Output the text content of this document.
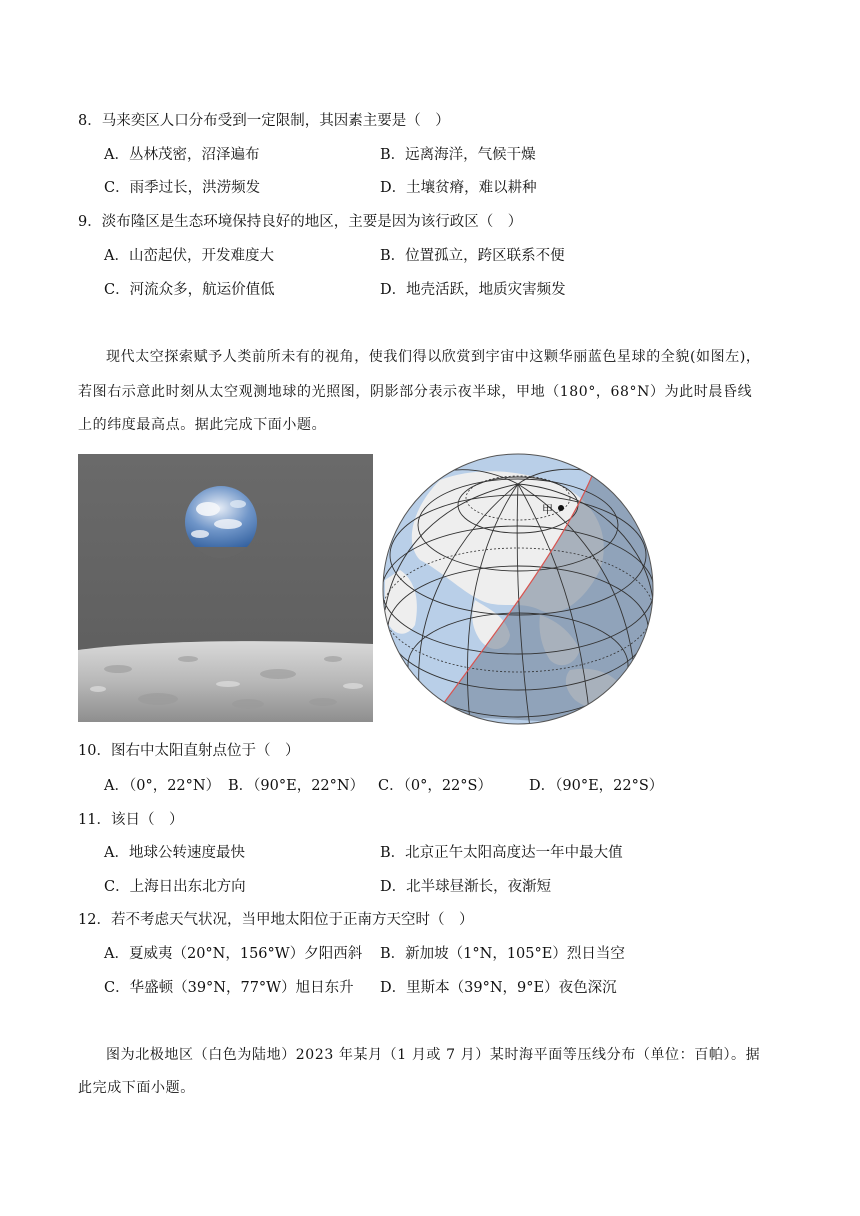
8．马来奕区人口分布受到一定限制，其因素主要是（　）
A．丛林茂密，沼泽遍布	B．远离海洋，气候干燥
C．雨季过长，洪涝频发	D．土壤贫瘠，难以耕种
9．淡布隆区是生态环境保持良好的地区，主要是因为该行政区（　）
A．山峦起伏，开发难度大	B．位置孤立，跨区联系不便
C．河流众多，航运价值低	D．地壳活跃，地质灾害频发
现代太空探索赋予人类前所未有的视角，使我们得以欣赏到宇宙中这颗华丽蓝色星球的全貌(如图左)，
若图右示意此时刻从太空观测地球的光照图，阴影部分表示夜半球，甲地（180°，68°N）为此时晨昏线
上的纬度最高点。据此完成下面小题。
甲
10．图右中太阳直射点位于（　）
A．（0°，22°N） B．（90°E，22°N） C．（0°，22°S）	D．（90°E，22°S）
11．该日（　）
A．地球公转速度最快	B．北京正午太阳高度达一年中最大值
C．上海日出东北方向	D．北半球昼渐长，夜渐短
12．若不考虑天气状况，当甲地太阳位于正南方天空时（　）
A．夏威夷（20°N，156°W）夕阳西斜 B．新加坡（1°N，105°E）烈日当空
C．华盛顿（39°N，77°W）旭日东升 D．里斯本（39°N，9°E）夜色深沉
图为北极地区（白色为陆地）2023 年某月（1 月或 7 月）某时海平面等压线分布（单位：百帕）。据
此完成下面小题。
